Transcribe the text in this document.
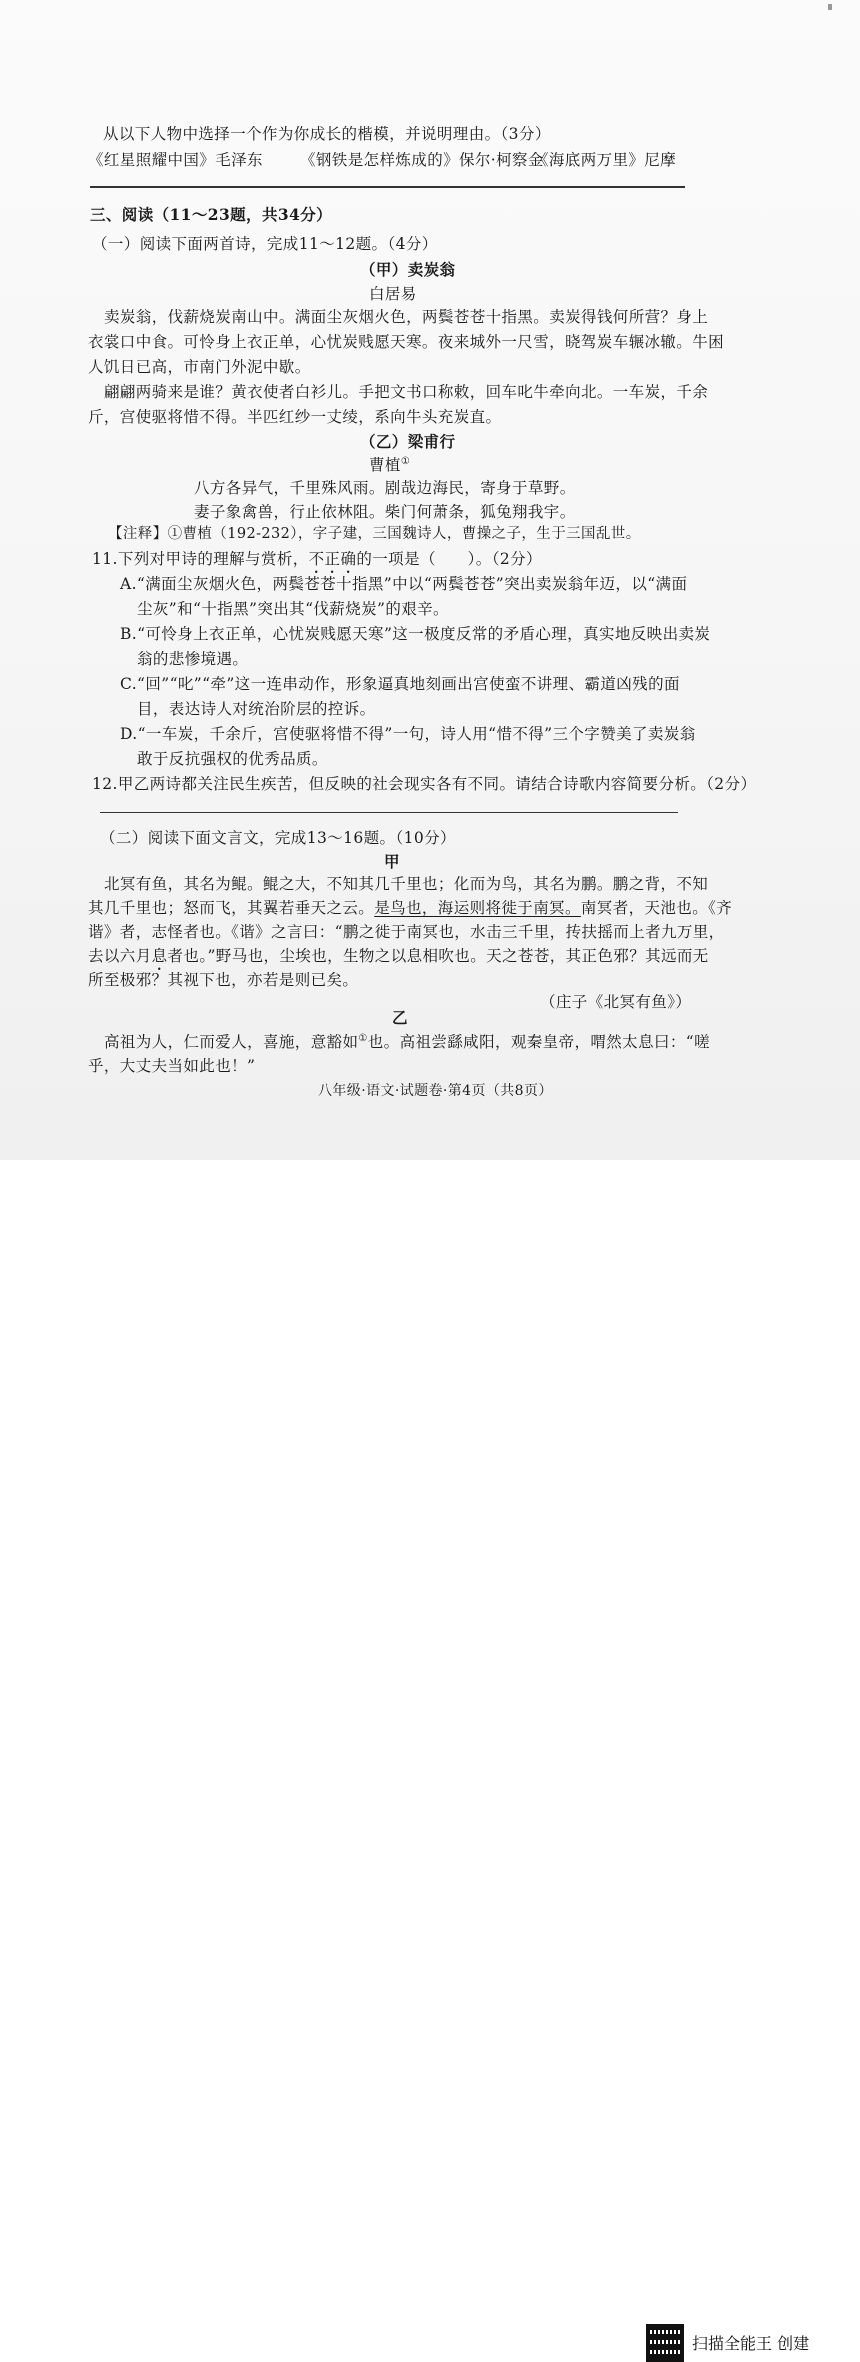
从以下人物中选择一个作为你成长的楷模，并说明理由。（3分）
《红星照耀中国》毛泽东 《钢铁是怎样炼成的》保尔·柯察金
《海底两万里》尼摩
三、阅读（11～23题，共34分）
（一）阅读下面两首诗，完成11～12题。（4分）
（甲）卖炭翁
白居易
卖炭翁，伐薪烧炭南山中。满面尘灰烟火色，两鬓苍苍十指黑。卖炭得钱何所营？身上
衣裳口中食。可怜身上衣正单，心忧炭贱愿天寒。夜来城外一尺雪，晓驾炭车辗冰辙。牛困
人饥日已高，市南门外泥中歇。
翩翩两骑来是谁？黄衣使者白衫儿。手把文书口称敕，回车叱牛牵向北。一车炭，千余
斤，宫使驱将惜不得。半匹红纱一丈绫，系向牛头充炭直。
（乙）梁甫行
曹植①
八方各异气，千里殊风雨。剧哉边海民，寄身于草野。
妻子象禽兽，行止依林阻。柴门何萧条，狐兔翔我宇。
【注释】①曹植（192-232），字子建，三国魏诗人，曹操之子，生于三国乱世。
11.下列对甲诗的理解与赏析，不正确的一项是（　　）。（2分）
A.“满面尘灰烟火色，两鬓苍苍十指黑”中以“两鬓苍苍”突出卖炭翁年迈，以“满面
尘灰”和“十指黑”突出其“伐薪烧炭”的艰辛。
B.“可怜身上衣正单，心忧炭贱愿天寒”这一极度反常的矛盾心理，真实地反映出卖炭
翁的悲惨境遇。
C.“回”“叱”“牵”这一连串动作，形象逼真地刻画出宫使蛮不讲理、霸道凶残的面
目，表达诗人对统治阶层的控诉。
D.“一车炭，千余斤，宫使驱将惜不得”一句，诗人用“惜不得”三个字赞美了卖炭翁
敢于反抗强权的优秀品质。
12.甲乙两诗都关注民生疾苦，但反映的社会现实各有不同。请结合诗歌内容简要分析。（2分）
（二）阅读下面文言文，完成13～16题。（10分）
甲
北冥有鱼，其名为鲲。鲲之大，不知其几千里也；化而为鸟，其名为鹏。鹏之背，不知
其几千里也；怒而飞，其翼若垂天之云。是鸟也，海运则将徙于南冥。南冥者，天池也。《齐
谐》者，志怪者也。《谐》之言曰：“鹏之徙于南冥也，水击三千里，抟扶摇而上者九万里，
去以六月息者也。”野马也，尘埃也，生物之以息相吹也。天之苍苍，其正色邪？其远而无
所至极邪？其视下也，亦若是则已矣。
（庄子《北冥有鱼》）
乙
高祖为人，仁而爱人，喜施，意豁如①也。高祖尝繇咸阳，观秦皇帝，喟然太息曰：“嗟
乎，大丈夫当如此也！”
八年级·语文·试题卷·第4页（共8页）
扫描全能王 创建
